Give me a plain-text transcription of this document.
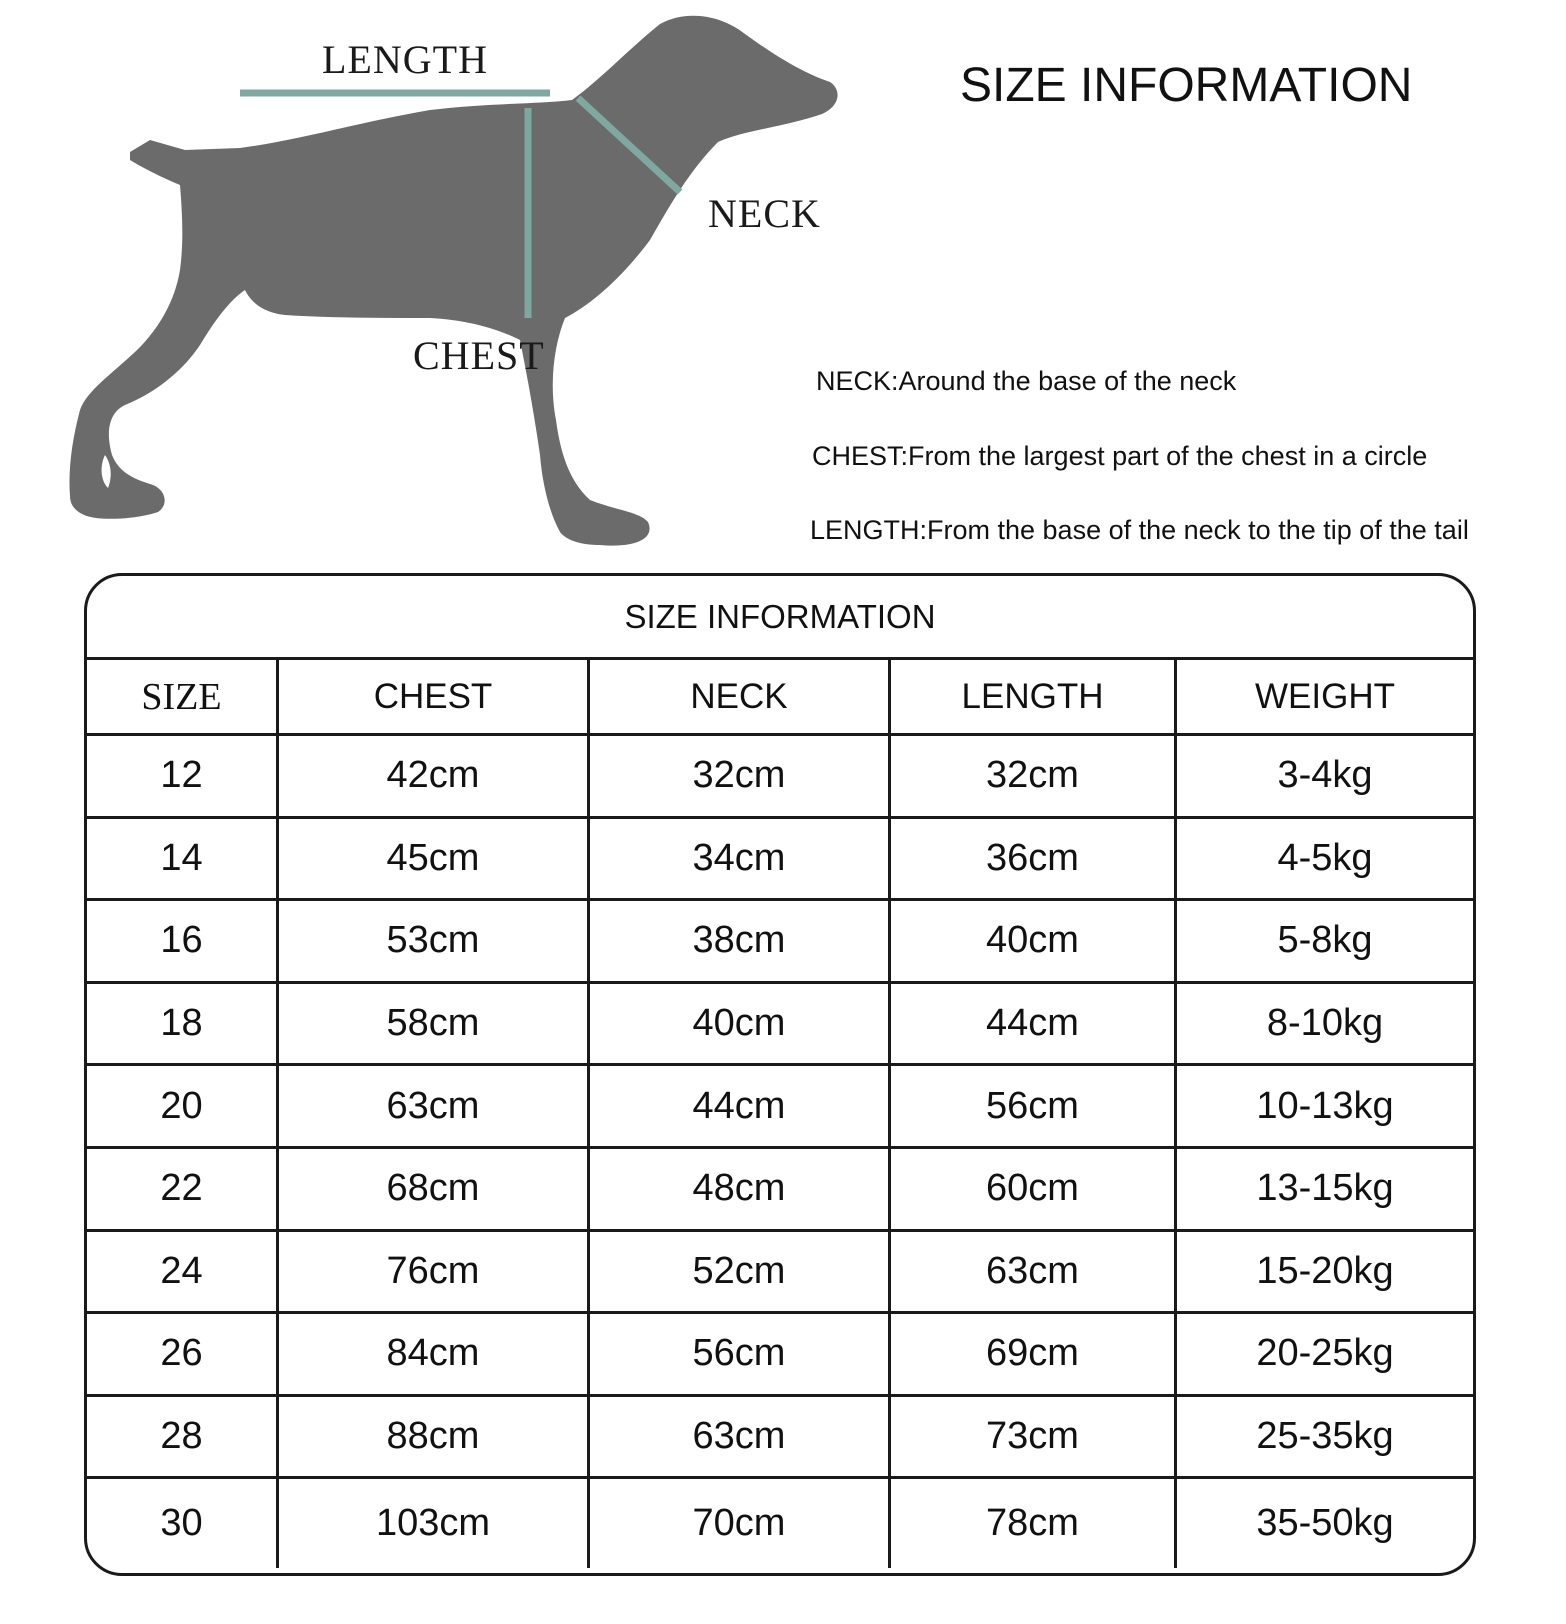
LENGTH
NECK
CHEST
SIZE INFORMATION
NECK:Around the base of the neck
CHEST:From the largest part of the chest in a circle
LENGTH:From the base of the neck to the tip of the tail
SIZE INFORMATION
SIZE	CHEST	NECK	LENGTH	WEIGHT
12	42cm	32cm	32cm	3-4kg
14	45cm	34cm	36cm	4-5kg
16	53cm	38cm	40cm	5-8kg
18	58cm	40cm	44cm	8-10kg
20	63cm	44cm	56cm	10-13kg
22	68cm	48cm	60cm	13-15kg
24	76cm	52cm	63cm	15-20kg
26	84cm	56cm	69cm	20-25kg
28	88cm	63cm	73cm	25-35kg
30	103cm	70cm	78cm	35-50kg
